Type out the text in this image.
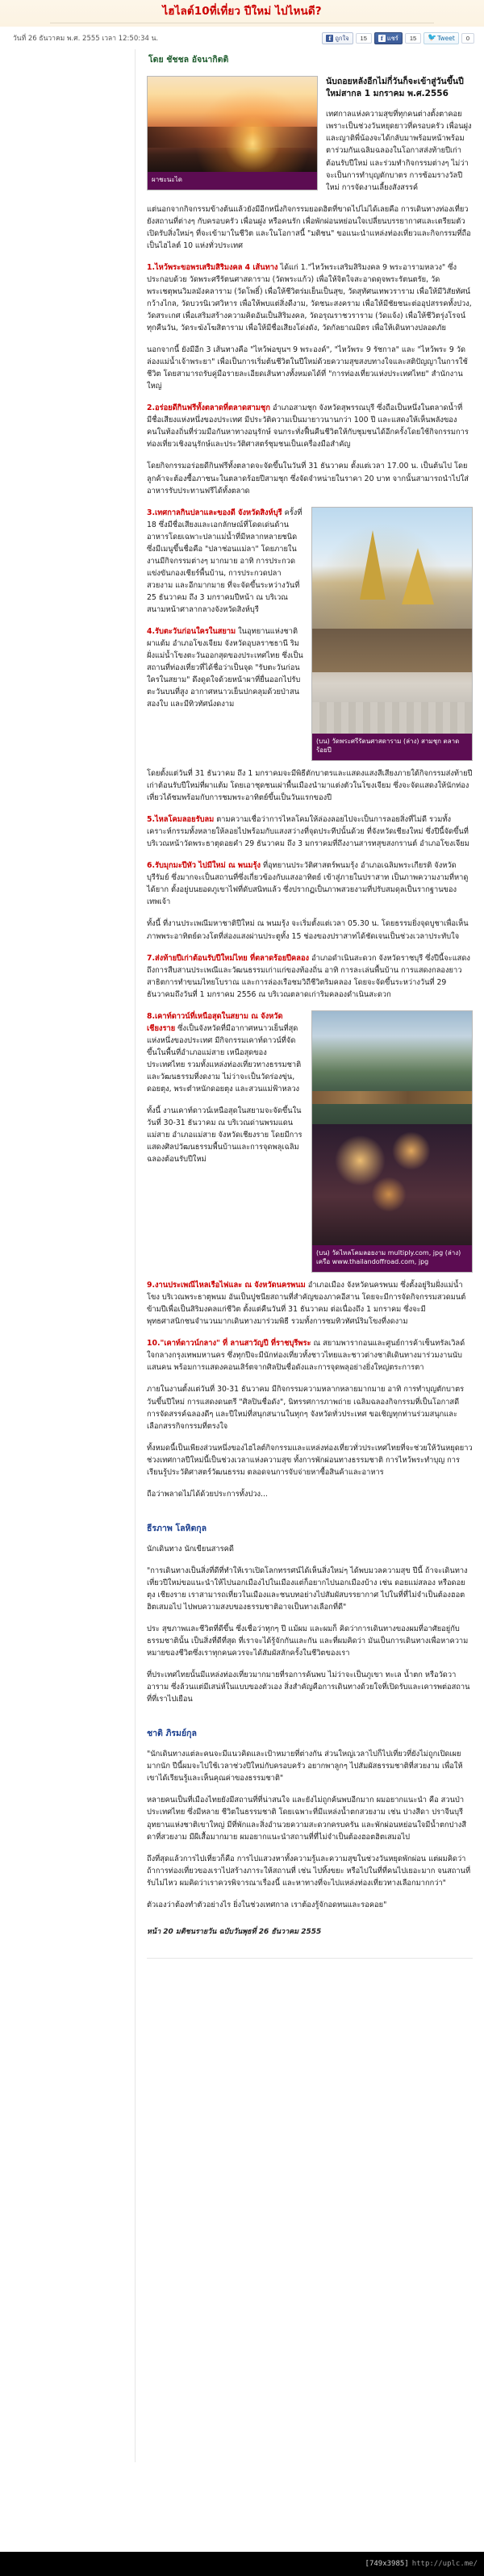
ไฮไลต์10ที่เที่ยว ปีใหม่ ไปไหนดี?
วันที่ 26 ธันวาคม พ.ศ. 2555 เวลา 12:50:34 น.	f ถูกใจ	15	f แชร์	15	🐦 Tweet	0
โดย ชัชชล อัจนากิตติ
ผาชะนะได

นับถอยหลังอีกไม่กี่วันก็จะเข้าสู่วันขึ้นปีใหม่สากล 1 มกราคม พ.ศ.2556

เทศกาลแห่งความสุขที่ทุกคนต่างตั้งตาคอย เพราะเป็นช่วงวันหยุดยาวที่ครอบครัว เพื่อนฝูง และญาติพี่น้องจะได้กลับมาพร้อมหน้าพร้อมตาร่วมกันเฉลิมฉลองในโอกาสส่งท้ายปีเก่าต้อนรับปีใหม่ และร่วมทำกิจกรรมต่างๆ ไม่ว่าจะเป็นการทำบุญตักบาตร การซ้อมรางวัลปีใหม่ การจัดงานเลี้ยงสังสรรค์

แต่นอกจากกิจกรรมข้างต้นแล้วยังมีอีกหนึ่งกิจกรรมยอดฮิตที่ขาดไปไม่ได้เลยคือ การเดินทางท่องเที่ยวยังสถานที่ต่างๆ กับครอบครัว เพื่อนฝูง หรือคนรัก เพื่อพักผ่อนหย่อนใจเปลี่ยนบรรยากาศและเตรียมตัวเปิดรับสิ่งใหม่ๆ ที่จะเข้ามาในชีวิต และในโอกาสนี้ "มติชน" ขอแนะนำแหล่งท่องเที่ยวและกิจกรรมที่ถือเป็นไฮไลต์ 10 แห่งทั่วประเทศ

1.ไหว้พระขอพรเสริมสิริมงคล 4 เส้นทาง ได้แก่ 1."ไหว้พระเสริมสิริมงคล 9 พระอารามหลวง" ซึ่งประกอบด้วย วัดพระศรีรัตนศาสดาราม (วัดพระแก้ว) เพื่อให้จิตใจสะอาดดุจพระรัตนตรัย, วัดพระเชตุพนวิมลมังคลาราม (วัดโพธิ์) เพื่อให้ชีวิตร่มเย็นเป็นสุข, วัดสุทัศนเทพวราราม เพื่อให้มีวิสัยทัศน์กว้างไกล, วัดบวรนิเวศวิหาร เพื่อให้พบแต่สิ่งดีงาม, วัดชนะสงคราม เพื่อให้มีชัยชนะต่ออุปสรรคทั้งปวง, วัดสระเกศ เพื่อเสริมสร้างความคิดอันเป็นสิริมงคล, วัดอรุณราชวราราม (วัดแจ้ง) เพื่อให้ชีวิตรุ่งโรจน์ทุกคืนวัน, วัดระฆังโฆสิตาราม เพื่อให้มีชื่อเสียงโด่งดัง, วัดกัลยาณมิตร เพื่อให้เดินทางปลอดภัย

นอกจากนี้ ยังมีอีก 3 เส้นทางคือ "ไหว้พ่อขุนฯ 9 พระองค์", "ไหว้พระ 9 รัชกาล" และ "ไหว้พระ 9 วัด ล่องแม่น้ำเจ้าพระยา" เพื่อเป็นการเริ่มต้นชีวิตในปีใหม่ด้วยความสุขสงบทางใจและสติปัญญาในการใช้ชีวิต โดยสามารถรับคู่มือรายละเอียดเส้นทางทั้งหมดได้ที่ "การท่องเที่ยวแห่งประเทศไทย" สำนักงานใหญ่

2.อร่อยดีกินฟรีทั้งตลาดที่ตลาดสามชุก อำเภอสามชุก จังหวัดสุพรรณบุรี ซึ่งถือเป็นหนึ่งในตลาดน้ำที่มีชื่อเสียงแห่งหนึ่งของประเทศ มีประวัติความเป็นมายาวนานกว่า 100 ปี และแสดงให้เห็นพลังของคนในท้องถิ่นที่ร่วมมือกันหาทางอนุรักษ์ จนกระทั่งฟื้นคืนชีวิตให้กับชุมชนได้อีกครั้งโดยใช้กิจกรรมการท่องเที่ยวเชิงอนุรักษ์และประวัติศาสตร์ชุมชนเป็นเครื่องมือสำคัญ

โดยกิจกรรมอร่อยดีกินฟรีทั้งตลาดจะจัดขึ้นในวันที่ 31 ธันวาคม ตั้งแต่เวลา 17.00 น. เป็นต้นไป โดยลูกค้าจะต้องซื้อภาชนะในตลาดร้อยปีสามชุก ซึ่งจัดจำหน่ายในราคา 20 บาท จากนั้นสามารถนำไปใส่อาหารรับประทานฟรีได้ทั้งตลาด

(บน) วัดพระศรีรัตนศาสดาราม (ล่าง) สามชุก ตลาดร้อยปี

3.เทศกาลกินปลาและของดี จังหวัดสิงห์บุรี ครั้งที่ 18 ซึ่งมีชื่อเสียงและเอกลักษณ์ที่โดดเด่นด้านอาหารโดยเฉพาะปลาแม่น้ำที่มีหลากหลายชนิดซึ่งมีเมนูขึ้นชื่อคือ "ปลาช่อนแม่ลา" โดยภายในงานมีกิจกรรมต่างๆ มากมาย อาทิ การประกวดแข่งขันกองเชียร์พื้นบ้าน, การประกวดปลาสวยงาม และอีกมากมาย ที่จะจัดขึ้นระหว่างวันที่ 25 ธันวาคม ถึง 3 มกราคมปีหน้า ณ บริเวณสนามหน้าศาลากลางจังหวัดสิงห์บุรี

4.รับตะวันก่อนใครในสยาม ในอุทยานแห่งชาติผาแต้ม อำเภอโขงเจียม จังหวัดอุบลราชธานี ริมฝั่งแม่น้ำโขงตะวันออกสุดของประเทศไทย ซึ่งเป็นสถานที่ท่องเที่ยวที่ได้ชื่อว่าเป็นจุด "รับตะวันก่อนใครในสยาม" ดึงดูดใจด้วยหน้าผาที่ยื่นออกไปรับตะวันบนที่สูง อากาศหนาวเย็นปกคลุมด้วยป่าสนสองใบ และมีทิวทัศน์งดงาม

โดยตั้งแต่วันที่ 31 ธันวาคม ถึง 1 มกราคมจะมีพิธีตักบาตรและแสดงแสงสีเสียงภายใต้กิจกรรมส่งท้ายปีเก่าต้อนรับปีใหม่ที่ผาแต้ม โดยเอาชุดชนเผ่าพื้นเมืองนำมาแต่งตัวในโขงเจียม ซึ่งจะจัดแสดงให้นักท่องเที่ยวได้ชมพร้อมกับการชมพระอาทิตย์ขึ้นเป็นวันแรกของปี

5.ไหลโคมลอยรับลม ตามความเชื่อว่าการไหลโคมให้ล่องลอยไปจะเป็นการลอยสิ่งที่ไม่ดี รวมทั้งเคราะห์กรรมทั้งหลายให้ลอยไปพร้อมกับแสงสว่างที่จุดประทีปนั้นด้วย ที่จังหวัดเชียงใหม่ ซึ่งปีนี้จัดขึ้นที่บริเวณหน้าวัดพระธาตุดอยคำ 29 ธันวาคม ถึง 3 มกราคมที่ถึงงานสารทสุขสงกรานต์ อำเภอโขงเจียม

6.รับมุกมะปีหัว ไปมีใหม่ ณ พนมรุ้ง ที่อุทยานประวัติศาสตร์พนมรุ้ง อำเภอเฉลิมพระเกียรติ จังหวัดบุรีรัมย์ ซึ่งมากจะเป็นสถานที่ซึ่งเกี่ยวข้องกับแสงอาทิตย์ เข้าสู่ภายในปราสาท เป็นภาพความงามที่หาดูได้ยาก ตั้งอยู่บนยอดภูเขาไฟที่ดับสนิทแล้ว ซึ่งปรากฏเป็นภาพสวยงามที่ปรับสมดุลเป็นรากฐานของเทพเจ้า

ทั้งนี้ ที่งานประเพณีมหาชาติปีใหม่ ณ พนมรุ้ง จะเริ่มตั้งแต่เวลา 05.30 น. โดยธรรมยิ่งจุดบูชาเพื่อเห็นภาพพระอาทิตย์ดวงโตที่ส่องแสงผ่านประตูทั้ง 15 ช่องของปราสาทได้ชัดเจนเป็นช่วงเวลาประทับใจ

7.ส่งท้ายปีเก่าต้อนรับปีใหม่ไทย ที่ตลาดร้อยปีคลอง อำเภอดำเนินสะดวก จังหวัดราชบุรี ซึ่งปีนี้จะแสดงถึงการสืบสานประเพณีและวัฒนธรรมเก่าแก่ของท้องถิ่น อาทิ การละเล่นพื้นบ้าน การแสดงกลองยาว สาธิตการทำขนมไทยโบราณ และการล่องเรือชมวิถีชีวิตริมคลอง โดยจะจัดขึ้นระหว่างวันที่ 29 ธันวาคมถึงวันที่ 1 มกราคม 2556 ณ บริเวณตลาดเก่าริมคลองดำเนินสะดวก

(บน) วัดไหลโคมลอยงาม multiply.com, jpg (ล่าง) เครือ www.thailandoffroad.com, jpg

8.เคาท์ดาวน์ที่เหนือสุดในสยาม ณ จังหวัดเชียงราย ซึ่งเป็นจังหวัดที่มีอากาศหนาวเย็นที่สุดแห่งหนึ่งของประเทศ มีกิจกรรมเคาท์ดาวน์ที่จัดขึ้นในพื้นที่อำเภอแม่สาย เหนือสุดของประเทศไทย รวมทั้งแหล่งท่องเที่ยวทางธรรมชาติและวัฒนธรรมที่งดงาม ไม่ว่าจะเป็นวัดร่องขุ่น, ดอยตุง, พระตำหนักดอยตุง และสวนแม่ฟ้าหลวง

ทั้งนี้ งานเคาท์ดาวน์เหนือสุดในสยามจะจัดขึ้นในวันที่ 30-31 ธันวาคม ณ บริเวณด่านพรมแดนแม่สาย อำเภอแม่สาย จังหวัดเชียงราย โดยมีการแสดงศิลปวัฒนธรรมพื้นบ้านและการจุดพลุเฉลิมฉลองต้อนรับปีใหม่

9.งานประเพณีไหลเรือไฟและ ณ จังหวัดนครพนม อำเภอเมือง จังหวัดนครพนม ซึ่งตั้งอยู่ริมฝั่งแม่น้ำโขง บริเวณพระธาตุพนม อันเป็นปูชนียสถานที่สำคัญของภาคอีสาน โดยจะมีการจัดกิจกรรมสวดมนต์ข้ามปีเพื่อเป็นสิริมงคลแก่ชีวิต ตั้งแต่คืนวันที่ 31 ธันวาคม ต่อเนื่องถึง 1 มกราคม ซึ่งจะมีพุทธศาสนิกชนจำนวนมากเดินทางมาร่วมพิธี รวมทั้งการชมทิวทัศน์ริมโขงที่งดงาม

10."เคาท์ดาวน์กลาง" ที่ ลานสาวัญปี ที่ราชบุรีพระ ณ สยามพารากอนและศูนย์การค้าเซ็นทรัลเวิลด์ ใจกลางกรุงเทพมหานคร ซึ่งทุกปีจะมีนักท่องเที่ยวทั้งชาวไทยและชาวต่างชาติเดินทางมาร่วมงานนับแสนคน พร้อมการแสดงคอนเสิร์ตจากศิลปินชื่อดังและการจุดพลุอย่างยิ่งใหญ่ตระการตา

ภายในงานตั้งแต่วันที่ 30-31 ธันวาคม มีกิจกรรมความหลากหลายมากมาย อาทิ การทำบุญตักบาตรวันขึ้นปีใหม่ การแสดงดนตรี "ศิลปินชื่อดัง", นิทรรศการภาพถ่าย เฉลิมฉลองกิจกรรมที่เป็นโอกาสดี การจัดสรรค์ฉลองดีๆ และปีใหม่ที่สนุกสนานในทุกๆ จังหวัดทั่วประเทศ ขอเชิญทุกท่านร่วมสนุกและเลือกสรรกิจกรรมที่ตรงใจ

ทั้งหมดนี้เป็นเพียงส่วนหนึ่งของไฮไลต์กิจกรรมและแหล่งท่องเที่ยวทั่วประเทศไทยที่จะช่วยให้วันหยุดยาวช่วงเทศกาลปีใหม่นี้เป็นช่วงเวลาแห่งความสุข ทั้งการพักผ่อนทางธรรมชาติ การไหว้พระทำบุญ การเรียนรู้ประวัติศาสตร์วัฒนธรรม ตลอดจนการจับจ่ายหาซื้อสินค้าและอาหาร

ถือว่าพลาดไม่ได้ด้วยประการทั้งปวง...

ธีรภาพ โลหิตกุล

นักเดินทาง นักเขียนสารคดี

"การเดินทางเป็นสิ่งที่ดีที่ทำให้เราเปิดโลกทรรศน์ได้เห็นสิ่งใหม่ๆ ได้พบมวลความสุข ปีนี้ ถ้าจะเดินทางเที่ยวปีใหม่ขอแนะนำให้ไปนอกเมืองไปในเมืองแต่ก็อยากไปนอกเมืองบ้าง เช่น ดอยแม่สลอง หรือดอยตุง เชียงราย เราสามารถเที่ยวในเมืองและชนบทอย่างไปสัมผัสบรรยากาศ ไปในที่ที่ไม่จำเป็นต้องฮอตฮิตเสมอไป ไปพบความสงบของธรรมชาติอาจเป็นทางเลือกที่ดี"

ประ สุขภาพและชีวิตที่ดีขึ้น ซึ่งเชื่อว่าทุกๆ ปี แม้ผม และผมก็ คิดว่าการเดินทางของผมที่อาศัยอยู่กับธรรมชาตินั้น เป็นสิ่งที่ดีที่สุด ที่เราจะได้รู้จักกันและกัน และที่ผมคิดว่า มันเป็นการเดินทางเพื่อหาความหมายของชีวิตซึ่งเราทุกคนควรจะได้สัมผัสสักครั้งในชีวิตของเรา

ที่ประเทศไทยนั้นมีแหล่งท่องเที่ยวมากมายที่รอการค้นพบ ไม่ว่าจะเป็นภูเขา ทะเล น้ำตก หรือวัดวาอาราม ซึ่งล้วนแต่มีเสน่ห์ในแบบของตัวเอง สิ่งสำคัญคือการเดินทางด้วยใจที่เปิดรับและเคารพต่อสถานที่ที่เราไปเยือน

ชาติ ภิรมย์กุล

"นักเดินทางแต่ละคนจะมีแนวคิดและเป้าหมายที่ต่างกัน ส่วนใหญ่เวลาไปก็ไปเที่ยวที่ยังไม่ถูกเปิดเผยมากนัก ปีนี้ผมจะไปใช้เวลาช่วงปีใหม่กับครอบครัว อยากพาลูกๆ ไปสัมผัสธรรมชาติที่สวยงาม เพื่อให้เขาได้เรียนรู้และเห็นคุณค่าของธรรมชาติ"

หลายคนเป็นที่เมืองไทยยังมีสถานที่ที่น่าสนใจ และยังไม่ถูกค้นพบอีกมาก ผมอยากแนะนำ คือ สวนป่าประเทศไทย ซึ่งมีหลาย ชีวิตในธรรมชาติ โดยเฉพาะที่มีแหล่งน้ำตกสวยงาม เช่น ปางสีดา ปราจีนบุรี อุทยานแห่งชาติเขาใหญ่ มีที่พักและสิ่งอำนวยความสะดวกครบครัน และพักผ่อนหย่อนใจมีน้ำตกปางสีดาที่สวยงาม มีผีเสื้อมากมาย ผมอยากแนะนำสถานที่ที่ไม่จำเป็นต้องฮอตฮิตเสมอไป

ถึงที่สุดแล้วการไปเที่ยวก็คือ การไปแสวงหาทั้งความรู้และความสุขในช่วงวันหยุดพักผ่อน แต่ผมคิดว่าถ้าการท่องเที่ยวของเราไปสร้างภาระให้สถานที่ เช่น ไปทิ้งขยะ หรือไปในที่ที่คนไปเยอะมาก จนสถานที่รับไม่ไหว ผมคิดว่าเราควรพิจารณาเรื่องนี้ และหาทางที่จะไปแหล่งท่องเที่ยวทางเลือกมากกว่า"

ตัวเองว่าต้องทำตัวอย่างไร ยิ่งในช่วงเทศกาล เราต้องรู้จักอดทนและรอคอย"

หน้า 20 มติชนรายวัน ฉบับวันพุธที่ 26 ธันวาคม 2555

[749x3985] http://uplc.me/
